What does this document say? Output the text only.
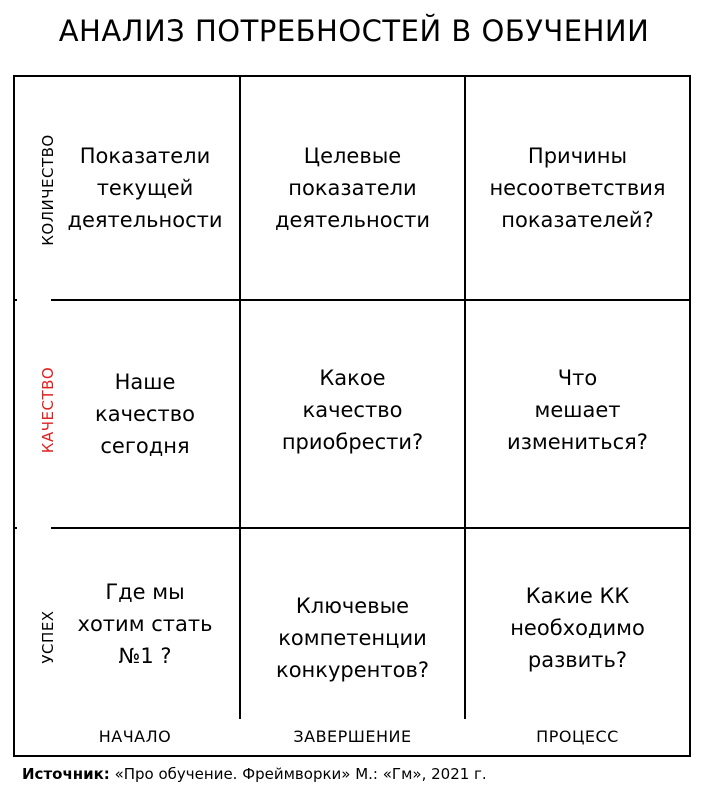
АНАЛИЗ ПОТРЕБНОСТЕЙ В ОБУЧЕНИИ
КОЛИЧЕСТВО
КАЧЕСТВО
УСПЕХ
Показатели
текущей
деятельности
Целевые
показатели
деятельности
Причины
несоответствия
показателей?
Наше
качество
сегодня
Какое
качество
приобрести?
Что
мешает
измениться?
Где мы
хотим стать
№1 ?
Ключевые
компетенции
конкурентов?
Какие КК
необходимо
развить?
НАЧАЛО	ЗАВЕРШЕНИЕ	ПРОЦЕСС
Источник: «Про обучение. Фреймворки» М.: «Гм», 2021 г.
